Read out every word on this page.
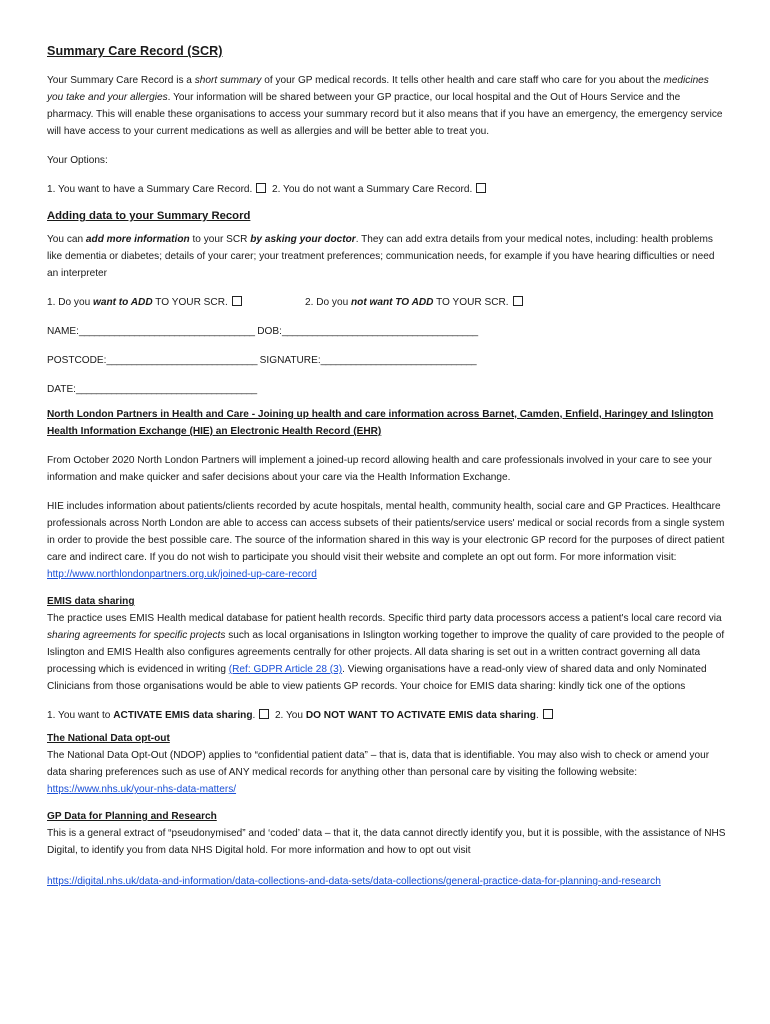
Summary Care Record (SCR)

Your Summary Care Record is a short summary of your GP medical records. It tells other health and care staff who care for you about the medicines you take and your allergies. Your information will be shared between your GP practice, our local hospital and the Out of Hours Service and the pharmacy. This will enable these organisations to access your summary record but it also means that if you have an emergency, the emergency service will have access to your current medications as well as allergies and will be better able to treat you.

Your Options:

1. You want to have a Summary Care Record. 2. You do not want a Summary Care Record.

Adding data to your Summary Record

You can add more information to your SCR by asking your doctor. They can add extra details from your medical notes, including: health problems like dementia or diabetes; details of your carer; your treatment preferences; communication needs, for example if you have hearing difficulties or need an interpreter

1. Do you want to ADD TO YOUR SCR.	2. Do you not want TO ADD TO YOUR SCR.
NAME:___________________________________ DOB:_______________________________________
POSTCODE:______________________________ SIGNATURE:_______________________________
DATE:____________________________________
North London Partners in Health and Care - Joining up health and care information across Barnet, Camden, Enfield, Haringey and Islington Health Information Exchange (HIE) an Electronic Health Record (EHR)

From October 2020 North London Partners will implement a joined-up record allowing health and care professionals involved in your care to see your information and make quicker and safer decisions about your care via the Health Information Exchange.

HIE includes information about patients/clients recorded by acute hospitals, mental health, community health, social care and GP Practices. Healthcare professionals across North London are able to access can access subsets of their patients/service users' medical or social records from a single system in order to provide the best possible care. The source of the information shared in this way is your electronic GP record for the purposes of direct patient care and indirect care. If you do not wish to participate you should visit their website and complete an opt out form. For more information visit:
http://www.northlondonpartners.org.uk/joined-up-care-record

EMIS data sharing

The practice uses EMIS Health medical database for patient health records. Specific third party data processors access a patient's local care record via sharing agreements for specific projects such as local organisations in Islington working together to improve the quality of care provided to the people of Islington and EMIS Health also configures agreements centrally for other projects. All data sharing is set out in a written contract governing all data processing which is evidenced in writing (Ref: GDPR Article 28 (3). Viewing organisations have a read-only view of shared data and only Nominated Clinicians from those organisations would be able to view patients GP records. Your choice for EMIS data sharing: kindly tick one of the options

1. You want to ACTIVATE EMIS data sharing. 2. You DO NOT WANT TO ACTIVATE EMIS data sharing.

The National Data opt-out

The National Data Opt-Out (NDOP) applies to “confidential patient data” – that is, data that is identifiable. You may also wish to check or amend your data sharing preferences such as use of ANY medical records for anything other than personal care by visiting the following website: https://www.nhs.uk/your-nhs-data-matters/

GP Data for Planning and Research

This is a general extract of “pseudonymised” and ‘coded’ data – that it, the data cannot directly identify you, but it is possible, with the assistance of NHS Digital, to identify you from data NHS Digital hold. For more information and how to opt out visit

https://digital.nhs.uk/data-and-information/data-collections-and-data-sets/data-collections/general-practice-data-for-planning-and-research
